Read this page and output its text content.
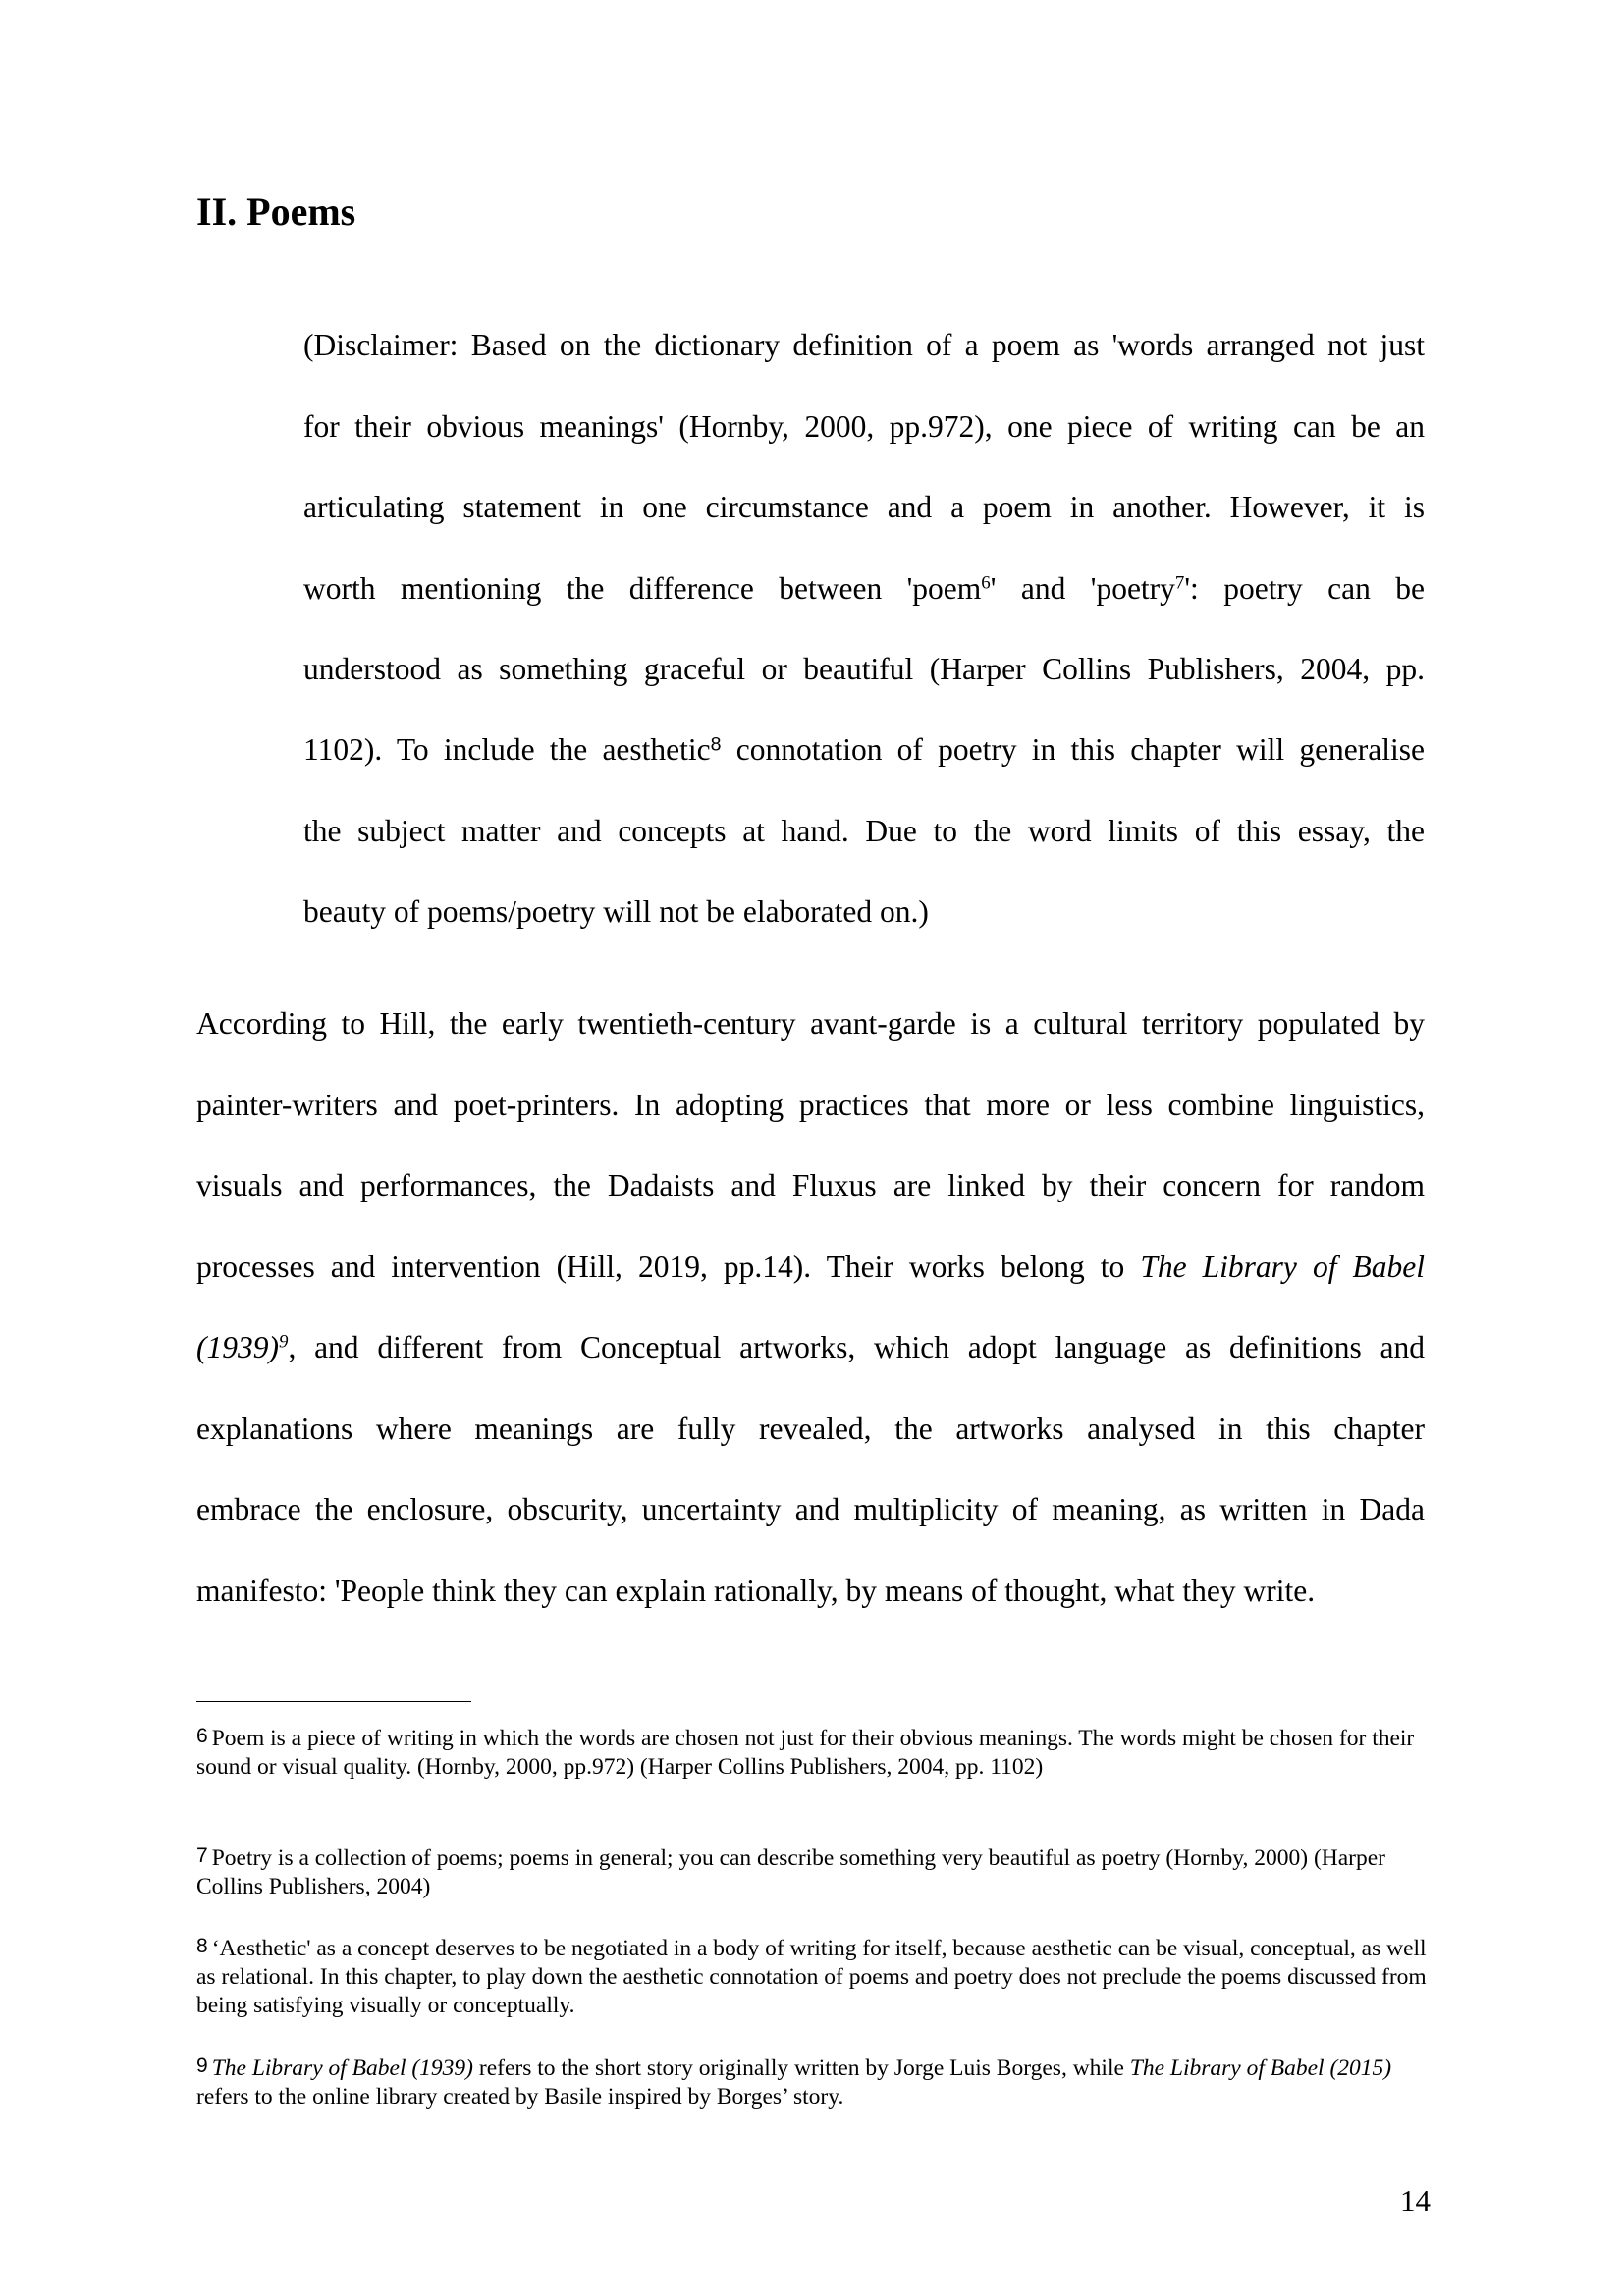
II. Poems
(Disclaimer: Based on the dictionary definition of a poem as 'words arranged not just
for their obvious meanings' (Hornby, 2000, pp.972), one piece of writing can be an
articulating statement in one circumstance and a poem in another. However, it is
worth mentioning the difference between 'poem$^6$' and 'poetry$^7$': poetry can be
understood as something graceful or beautiful (Harper Collins Publishers, 2004, pp.
1102). To include the aesthetic$^8$ connotation of poetry in this chapter will generalise
the subject matter and concepts at hand. Due to the word limits of this essay, the
beauty of poems/poetry will not be elaborated on.)
According to Hill, the early twentieth-century avant-garde is a cultural territory populated by
painter-writers and poet-printers. In adopting practices that more or less combine linguistics,
visuals and performances, the Dadaists and Fluxus are linked by their concern for random
processes and intervention (Hill, 2019, pp.14). Their works belong to The Library of Babel
$(1939)^9$, and different from Conceptual artworks, which adopt language as definitions and
explanations where meanings are fully revealed, the artworks analysed in this chapter
embrace the enclosure, obscurity, uncertainty and multiplicity of meaning, as written in Dada
manifesto: 'People think they can explain rationally, by means of thought, what they write.
6 Poem is a piece of writing in which the words are chosen not just for their obvious meanings. The words might be chosen for their sound or visual quality. (Hornby, 2000, pp.972) (Harper Collins Publishers, 2004, pp. 1102)
7 Poetry is a collection of poems; poems in general; you can describe something very beautiful as poetry (Hornby, 2000) (Harper Collins Publishers, 2004)
8 ‘Aesthetic' as a concept deserves to be negotiated in a body of writing for itself, because aesthetic can be visual, conceptual, as well as relational. In this chapter, to play down the aesthetic connotation of poems and poetry does not preclude the poems discussed from being satisfying visually or conceptually.
9 The Library of Babel (1939) refers to the short story originally written by Jorge Luis Borges, while The Library of Babel (2015) refers to the online library created by Basile inspired by Borges’ story.
14
